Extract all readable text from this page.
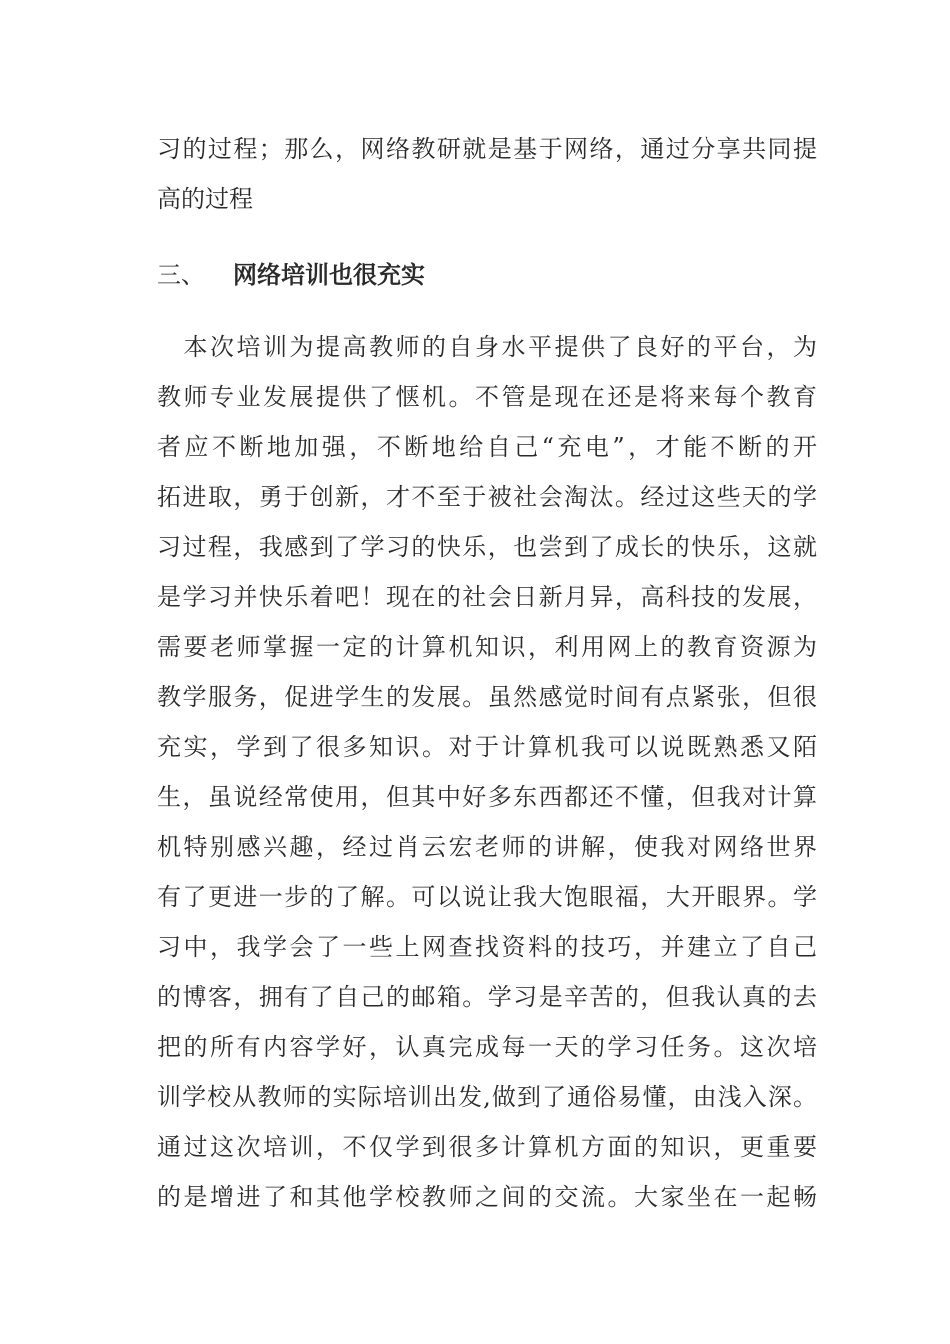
习的过程；那么，网络教研就是基于网络，通过分享共同提
高的过程
三、 网络培训也很充实
　本次培训为提高教师的自身水平提供了良好的平台，为
教师专业发展提供了惬机。不管是现在还是将来每个教育
者应不断地加强，不断地给自己“充电”，才能不断的开
拓进取，勇于创新，才不至于被社会淘汰。经过这些天的学
习过程，我感到了学习的快乐，也尝到了成长的快乐，这就
是学习并快乐着吧！现在的社会日新月异，高科技的发展，
需要老师掌握一定的计算机知识，利用网上的教育资源为
教学服务，促进学生的发展。虽然感觉时间有点紧张，但很
充实，学到了很多知识。对于计算机我可以说既熟悉又陌
生，虽说经常使用，但其中好多东西都还不懂，但我对计算
机特别感兴趣，经过肖云宏老师的讲解，使我对网络世界
有了更进一步的了解。可以说让我大饱眼福，大开眼界。学
习中，我学会了一些上网查找资料的技巧，并建立了自己
的博客，拥有了自己的邮箱。学习是辛苦的，但我认真的去
把的所有内容学好，认真完成每一天的学习任务。这次培
训学校从教师的实际培训出发,做到了通俗易懂，由浅入深。
通过这次培训，不仅学到很多计算机方面的知识，更重要
的是增进了和其他学校教师之间的交流。大家坐在一起畅
